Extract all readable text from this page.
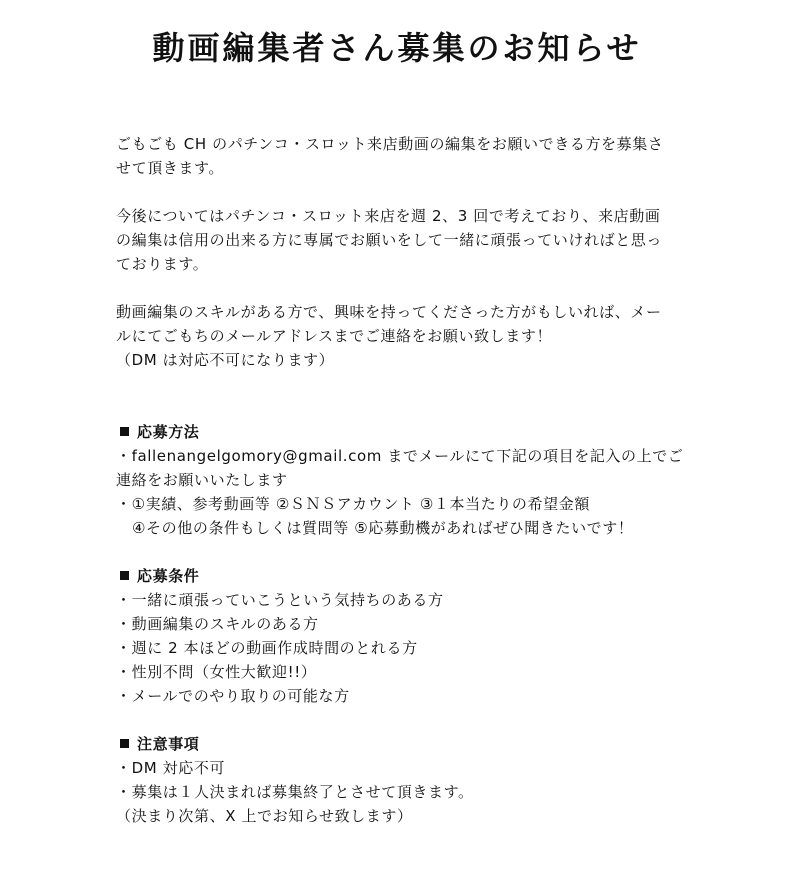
動画編集者さん募集のお知らせ

ごもごも CH のパチンコ・スロット来店動画の編集をお願いできる方を募集さ
せて頂きます。

今後についてはパチンコ・スロット来店を週 2、3 回で考えており、来店動画
の編集は信用の出来る方に専属でお願いをして一緒に頑張っていければと思っ
ております。

動画編集のスキルがある方で、興味を持ってくださった方がもしいれば、メー
ルにてごもちのメールアドレスまでご連絡をお願い致します！
（DM は対応不可になります）

応募方法
・fallenangelgomory@gmail.com までメールにて下記の項目を記入の上でご
連絡をお願いいたします
・①実績、参考動画等 ②ＳＮＳアカウント ③１本当たりの希望金額
④その他の条件もしくは質問等 ⑤応募動機があればぜひ聞きたいです！
応募条件
・一緒に頑張っていこうという気持ちのある方
・動画編集のスキルのある方
・週に 2 本ほどの動画作成時間のとれる方
・性別不問（女性大歓迎!!）
・メールでのやり取りの可能な方
注意事項
・DM 対応不可
・募集は１人決まれば募集終了とさせて頂きます。
（決まり次第、X 上でお知らせ致します）
